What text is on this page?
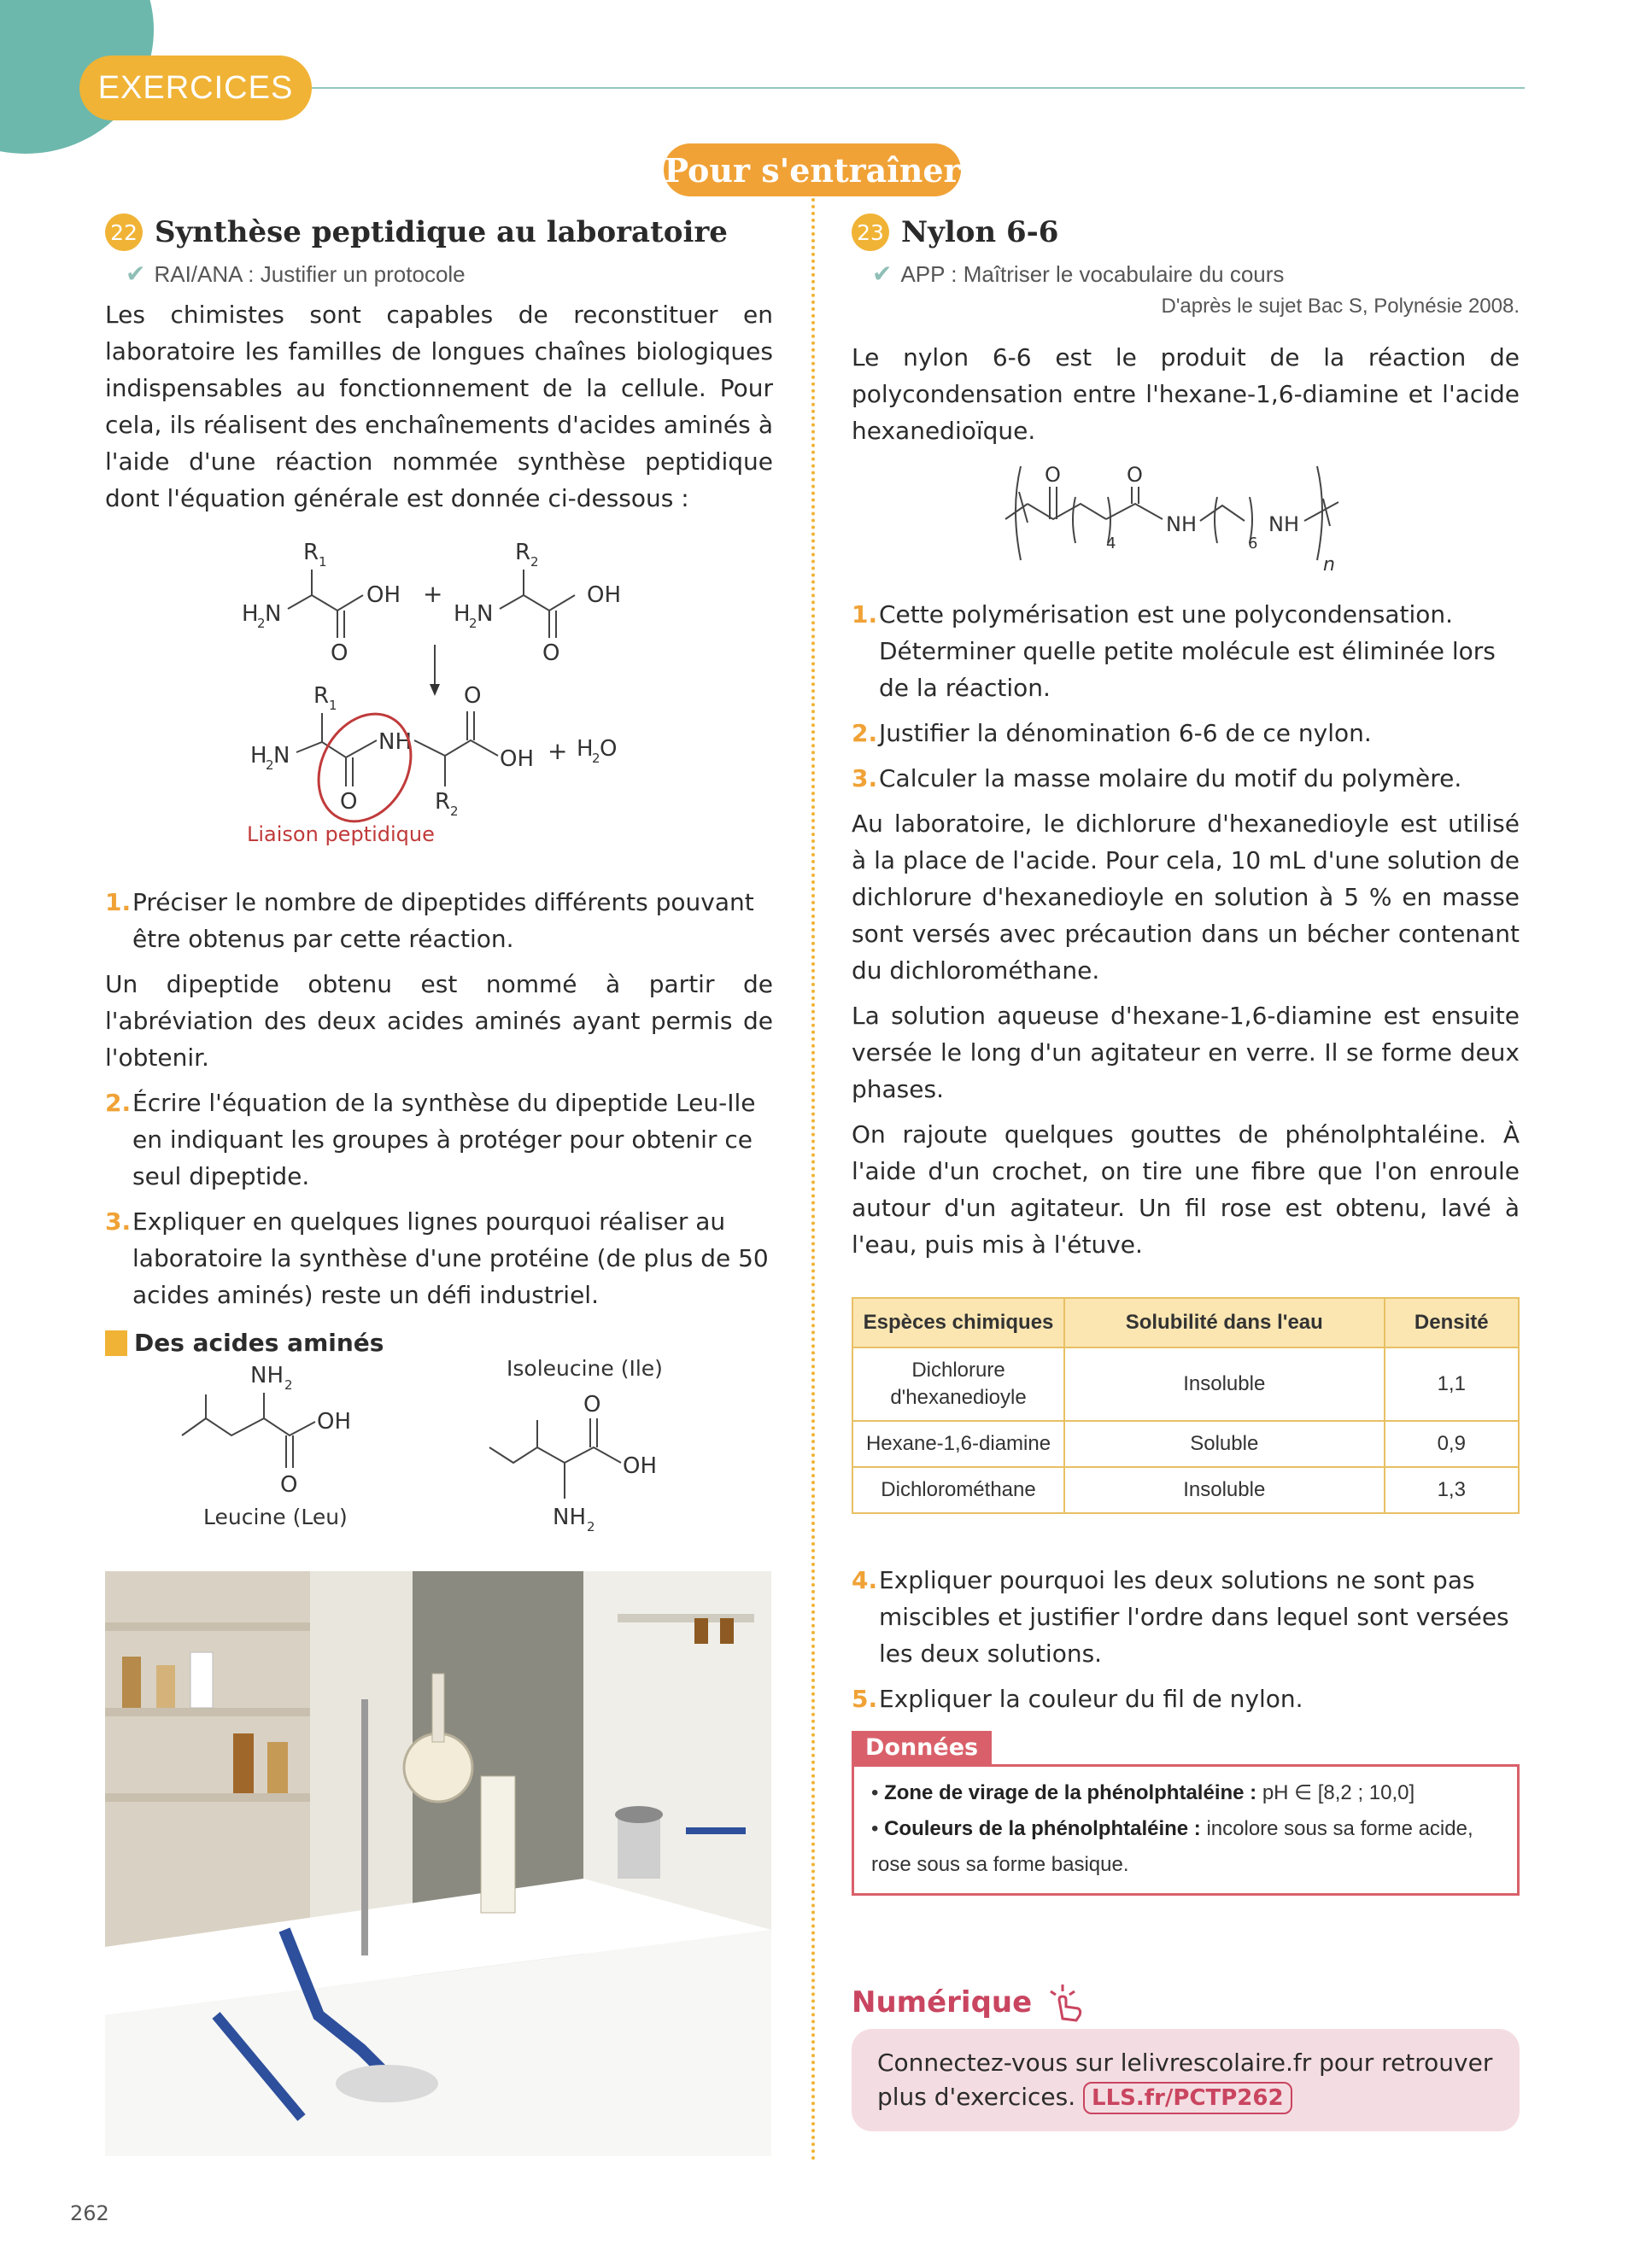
EXERCICES
Pour s'entraîner
22 Synthèse peptidique au laboratoire
✔ RAI/ANA : Justifier un protocole

Les chimistes sont capables de reconstituer en laboratoire les familles de longues chaînes biologiques indispensables au fonctionnement de la cellule. Pour cela, ils réalisent des enchaînements d'acides aminés à l'aide d'une réaction nommée synthèse peptidique dont l'équation générale est donnée ci-dessous :

R 1
H
2 N
O
OH +
R 2
H
2 N
O
OH
R 1
H
2 N
O
NH
R 2
O
OH + H
2 O
Liaison peptidique
1. Préciser le nombre de dipeptides différents pouvant être obtenus par cette réaction.

Un dipeptide obtenu est nommé à partir de l'abréviation des deux acides aminés ayant permis de l'obtenir.

2. Écrire l'équation de la synthèse du dipeptide Leu-Ile en indiquant les groupes à protéger pour obtenir ce seul dipeptide.
3. Expliquer en quelques lignes pourquoi réaliser au laboratoire la synthèse d'une protéine (de plus de 50 acides aminés) reste un défi industriel.
Des acides aminés
NH 2
OH
O
Leucine (Leu)
Isoleucine (Ile)
O
OH
NH 2
23 Nylon 6-6
✔ APP : Maîtriser le vocabulaire du cours
D'après le sujet Bac S, Polynésie 2008.

Le nylon 6-6 est le produit de la réaction de polycondensation entre l'hexane-1,6-diamine et l'acide hexanedioïque.

O
4
O
NH
6
NH
n
1. Cette polymérisation est une polycondensation. Déterminer quelle petite molécule est éliminée lors de la réaction.
2. Justifier la dénomination 6-6 de ce nylon.
3. Calculer la masse molaire du motif du polymère.

Au laboratoire, le dichlorure d'hexanedioyle est utilisé à la place de l'acide. Pour cela, 10 mL d'une solution de dichlorure d'hexanedioyle en solution à 5 % en masse sont versés avec précaution dans un bécher contenant du dichlorométhane.

La solution aqueuse d'hexane-1,6-diamine est ensuite versée le long d'un agitateur en verre. Il se forme deux phases.

On rajoute quelques gouttes de phénolphtaléine. À l'aide d'un crochet, on tire une fibre que l'on enroule autour d'un agitateur. Un fil rose est obtenu, lavé à l'eau, puis mis à l'étuve.

Espèces chimiques	Solubilité dans l'eau	Densité
Dichlorure d'hexanedioyle	Insoluble	1,1
Hexane-1,6-diamine	Soluble	0,9
Dichlorométhane	Insoluble	1,3
4. Expliquer pourquoi les deux solutions ne sont pas miscibles et justifier l'ordre dans lequel sont versées les deux solutions.
5. Expliquer la couleur du fil de nylon.
Données
• Zone de virage de la phénolphtaléine : pH ∈ [8,2 ; 10,0]
• Couleurs de la phénolphtaléine : incolore sous sa forme acide, rose sous sa forme basique.
Numérique
Connectez-vous sur lelivrescolaire.fr pour retrouver plus d'exercices. LLS.fr/PCTP262
262
